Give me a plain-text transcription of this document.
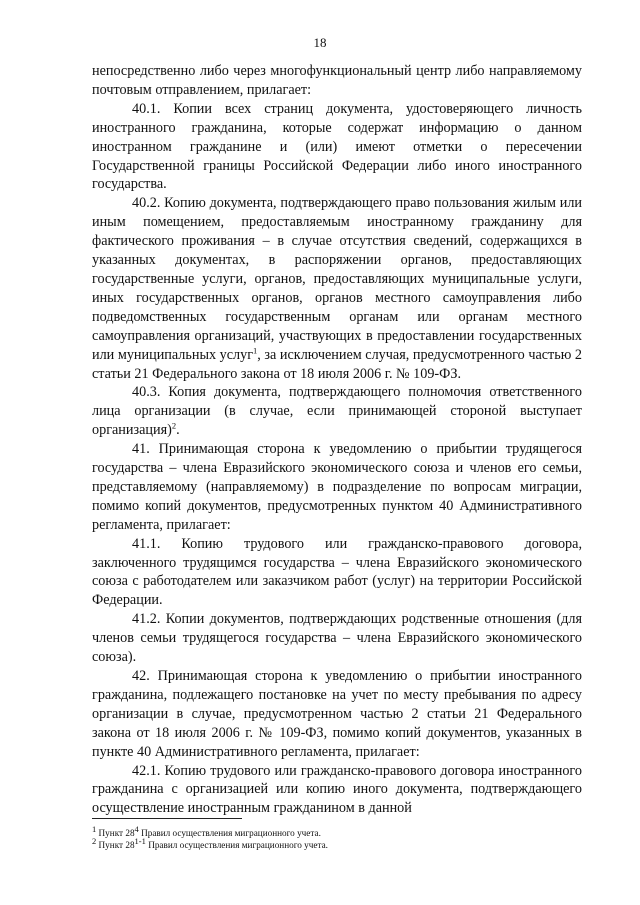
18

непосредственно либо через многофункциональный центр либо направляемому почтовым отправлением, прилагает:

40.1. Копии всех страниц документа, удостоверяющего личность иностранного гражданина, которые содержат информацию о данном иностранном гражданине и (или) имеют отметки о пересечении Государственной границы Российской Федерации либо иного иностранного государства.

40.2. Копию документа, подтверждающего право пользования жилым или иным помещением, предоставляемым иностранному гражданину для фактического проживания – в случае отсутствия сведений, содержащихся в указанных документах, в распоряжении органов, предоставляющих государственные услуги, органов, предоставляющих муниципальные услуги, иных государственных органов, органов местного самоуправления либо подведомственных государственным органам или органам местного самоуправления организаций, участвующих в предоставлении государственных или муниципальных услуг$^1$, за исключением случая, предусмотренного частью 2 статьи 21 Федерального закона от 18 июля 2006 г. № 109-ФЗ.

40.3. Копия документа, подтверждающего полномочия ответственного лица организации (в случае, если принимающей стороной выступает организация)$^2$.

41. Принимающая сторона к уведомлению о прибытии трудящегося государства – члена Евразийского экономического союза и членов его семьи, представляемому (направляемому) в подразделение по вопросам миграции, помимо копий документов, предусмотренных пунктом 40 Административного регламента, прилагает:

41.1. Копию трудового или гражданско-правового договора, заключенного трудящимся государства – члена Евразийского экономического союза с работодателем или заказчиком работ (услуг) на территории Российской Федерации.

41.2. Копии документов, подтверждающих родственные отношения (для членов семьи трудящегося государства – члена Евразийского экономического союза).

42. Принимающая сторона к уведомлению о прибытии иностранного гражданина, подлежащего постановке на учет по месту пребывания по адресу организации в случае, предусмотренном частью 2 статьи 21 Федерального закона от 18 июля 2006 г. № 109-ФЗ, помимо копий документов, указанных в пункте 40 Административного регламента, прилагает:

42.1. Копию трудового или гражданско-правового договора иностранного гражданина с организацией или копию иного документа, подтверждающего осуществление иностранным гражданином в данной

$^1$ Пункт $28^4$ Правил осуществления миграционного учета.

$^2$ Пункт 28$^{1-1}$ Правил осуществления миграционного учета.
